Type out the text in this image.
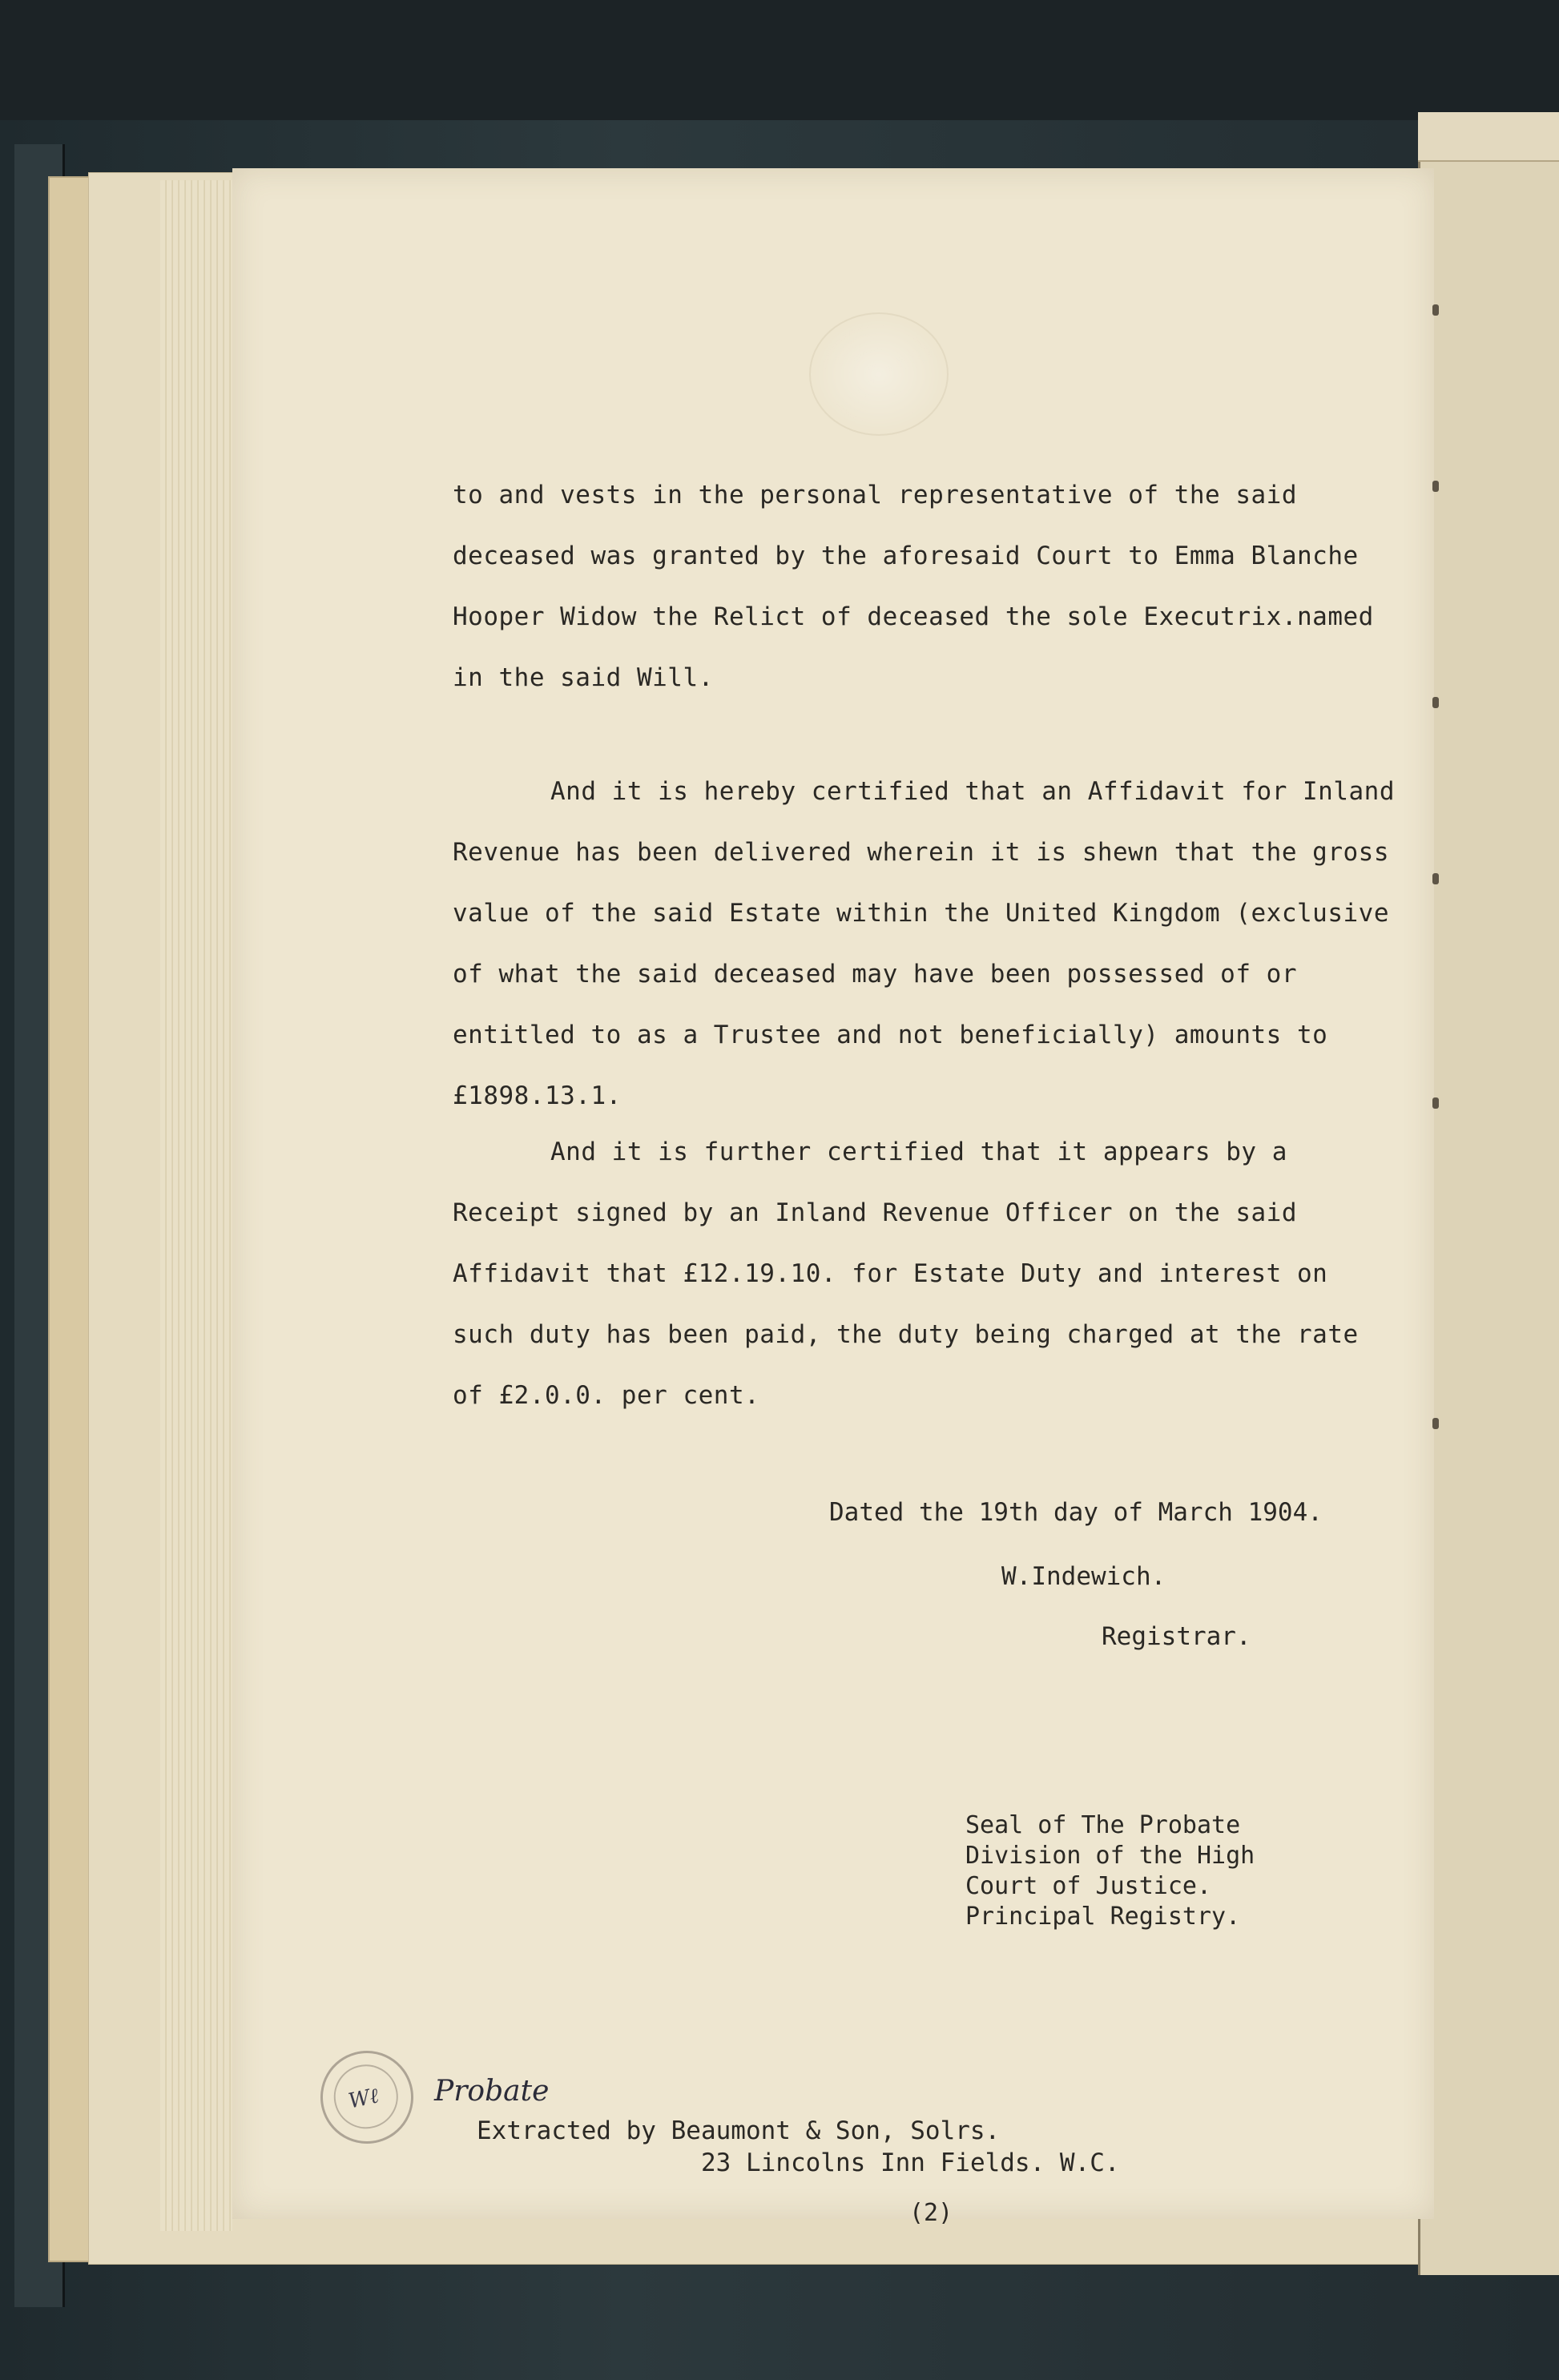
to and vests in the personal representative of the said
deceased was granted by the aforesaid Court to Emma Blanche
Hooper Widow the Relict of deceased the sole Executrix.named
in the said Will.
And it is hereby certified that an Affidavit for Inland
Revenue has been delivered wherein it is shewn that the gross
value of the said Estate within the United Kingdom (exclusive
of what the said deceased may have been possessed of or
entitled to as a Trustee and not beneficially) amounts to
£1898.13.1.
And it is further certified that it appears by a
Receipt signed by an Inland Revenue Officer on the said
Affidavit that £12.19.10. for Estate Duty and interest on
such duty has been paid, the duty being charged at the rate
of £2.0.0. per cent.
Dated the 19th day of March 1904.
W.Indewich.
Registrar.
Seal of The Probate
Division of the High
Court of Justice.
Principal Registry.
Wℓ Probate
Extracted by Beaumont & Son, Solrs.
23 Lincolns Inn Fields. W.C.
(2)
